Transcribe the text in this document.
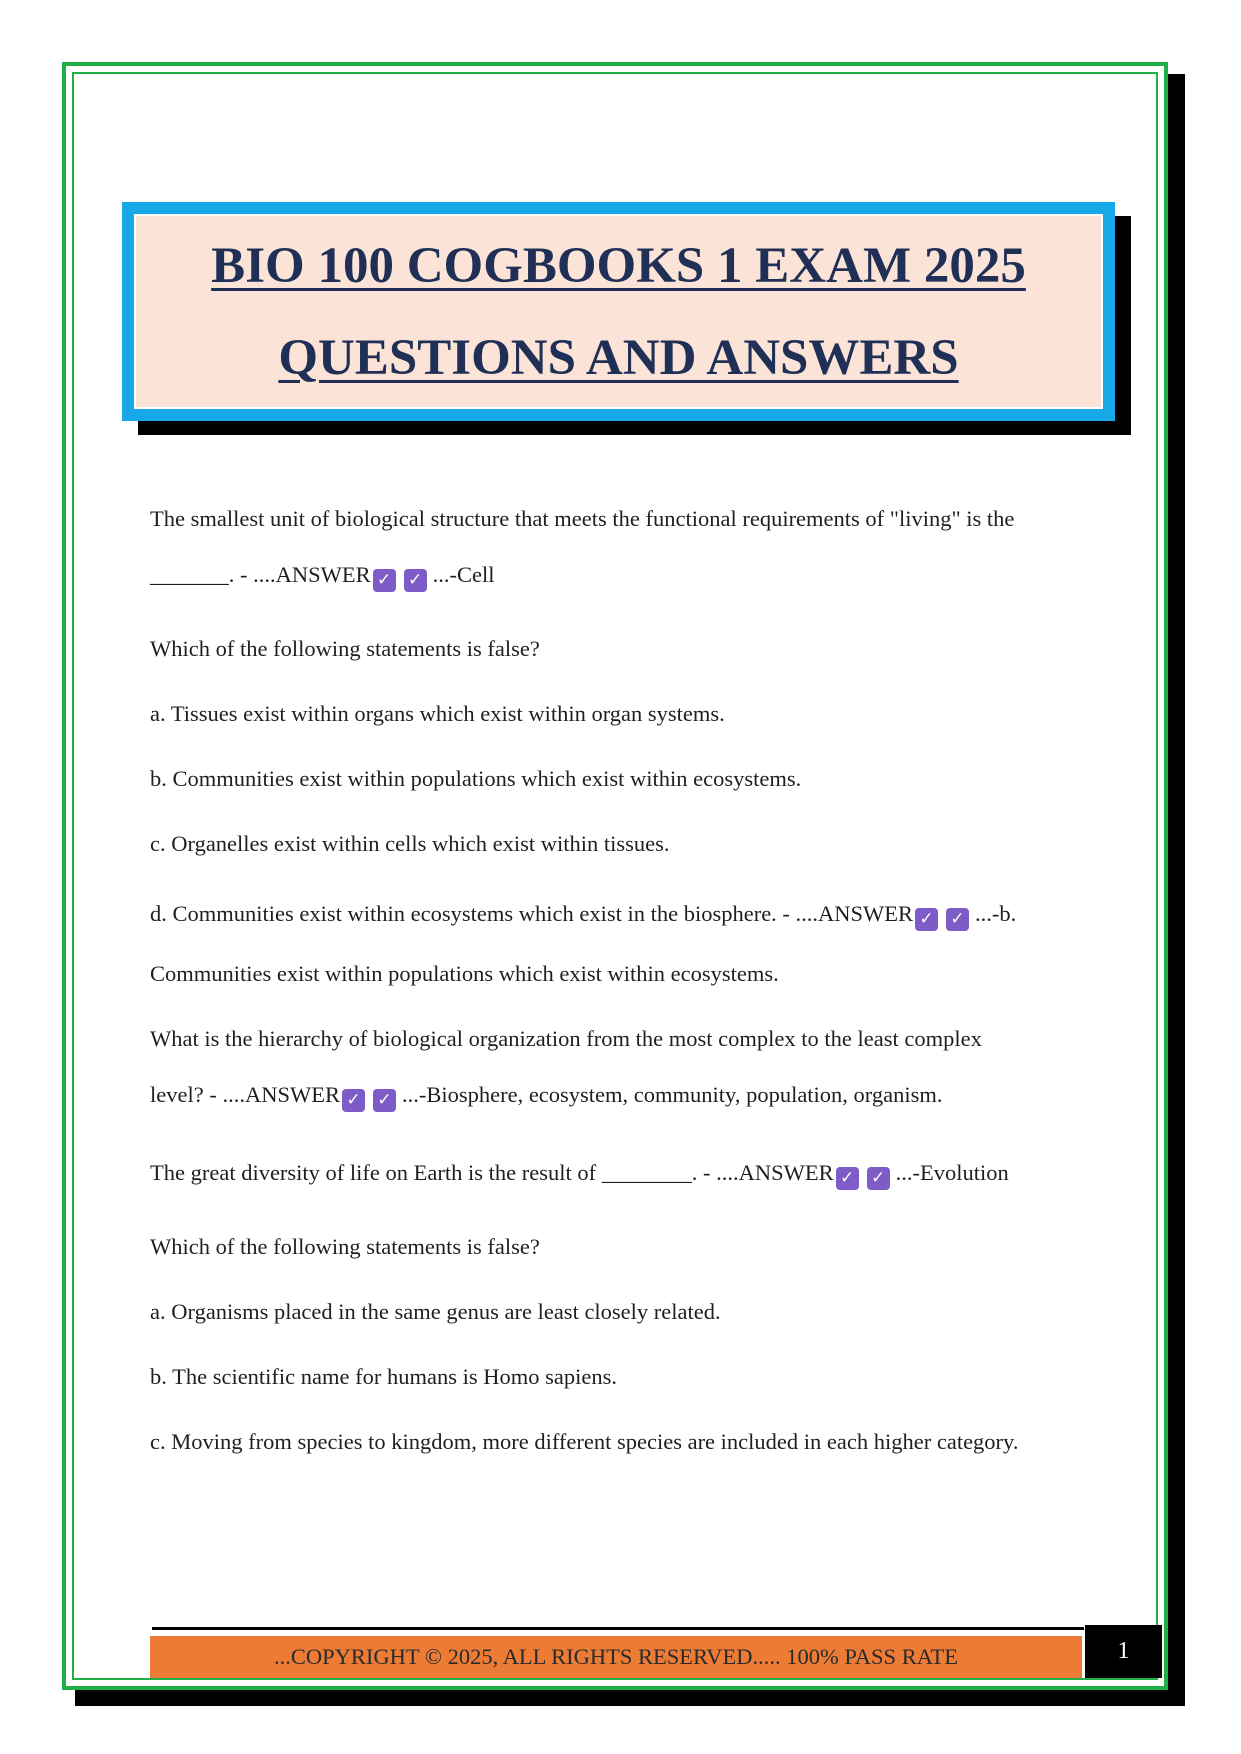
BIO 100 COGBOOKS 1 EXAM 2025
QUESTIONS AND ANSWERS

The smallest unit of biological structure that meets the functional requirements of "living" is the

_______. - ....ANSWER ✓ ✓ ...-Cell

Which of the following statements is false?

a. Tissues exist within organs which exist within organ systems.

b. Communities exist within populations which exist within ecosystems.

c. Organelles exist within cells which exist within tissues.

d. Communities exist within ecosystems which exist in the biosphere. - ....ANSWER ✓ ✓ ...-b.

Communities exist within populations which exist within ecosystems.

What is the hierarchy of biological organization from the most complex to the least complex

level? - ....ANSWER ✓ ✓ ...-Biosphere, ecosystem, community, population, organism.

The great diversity of life on Earth is the result of ________. - ....ANSWER ✓ ✓ ...-Evolution

Which of the following statements is false?

a. Organisms placed in the same genus are least closely related.

b. The scientific name for humans is Homo sapiens.

c. Moving from species to kingdom, more different species are included in each higher category.

...COPYRIGHT © 2025, ALL RIGHTS RESERVED..... 100% PASS RATE	1
